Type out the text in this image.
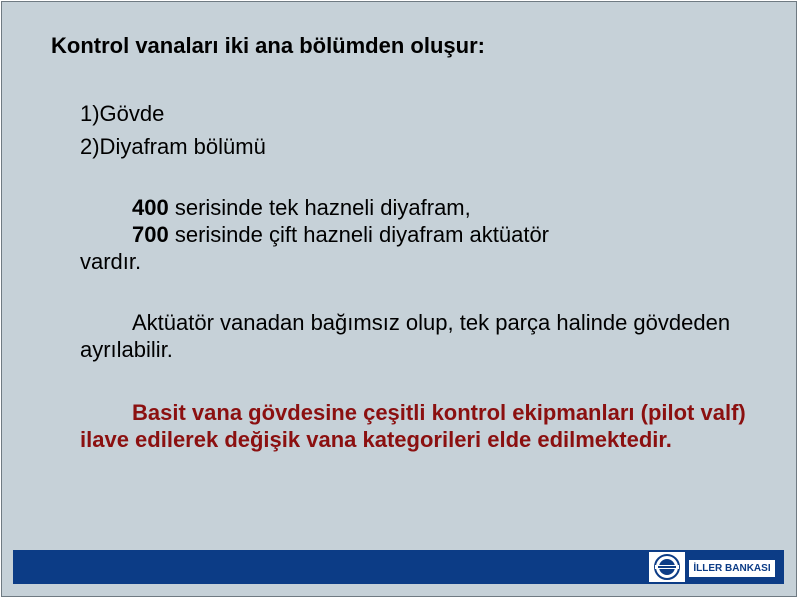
Kontrol vanaları iki ana bölümden oluşur:
1)Gövde
2)Diyafram bölümü
400 serisinde tek hazneli diyafram,
700 serisinde çift hazneli diyafram aktüatör
vardır.
Aktüatör vanadan bağımsız olup, tek parça halinde gövdeden ayrılabilir.
Basit vana gövdesine çeşitli kontrol ekipmanları (pilot valf) ilave edilerek değişik vana kategorileri elde edilmektedir.
İLLER BANKASI
